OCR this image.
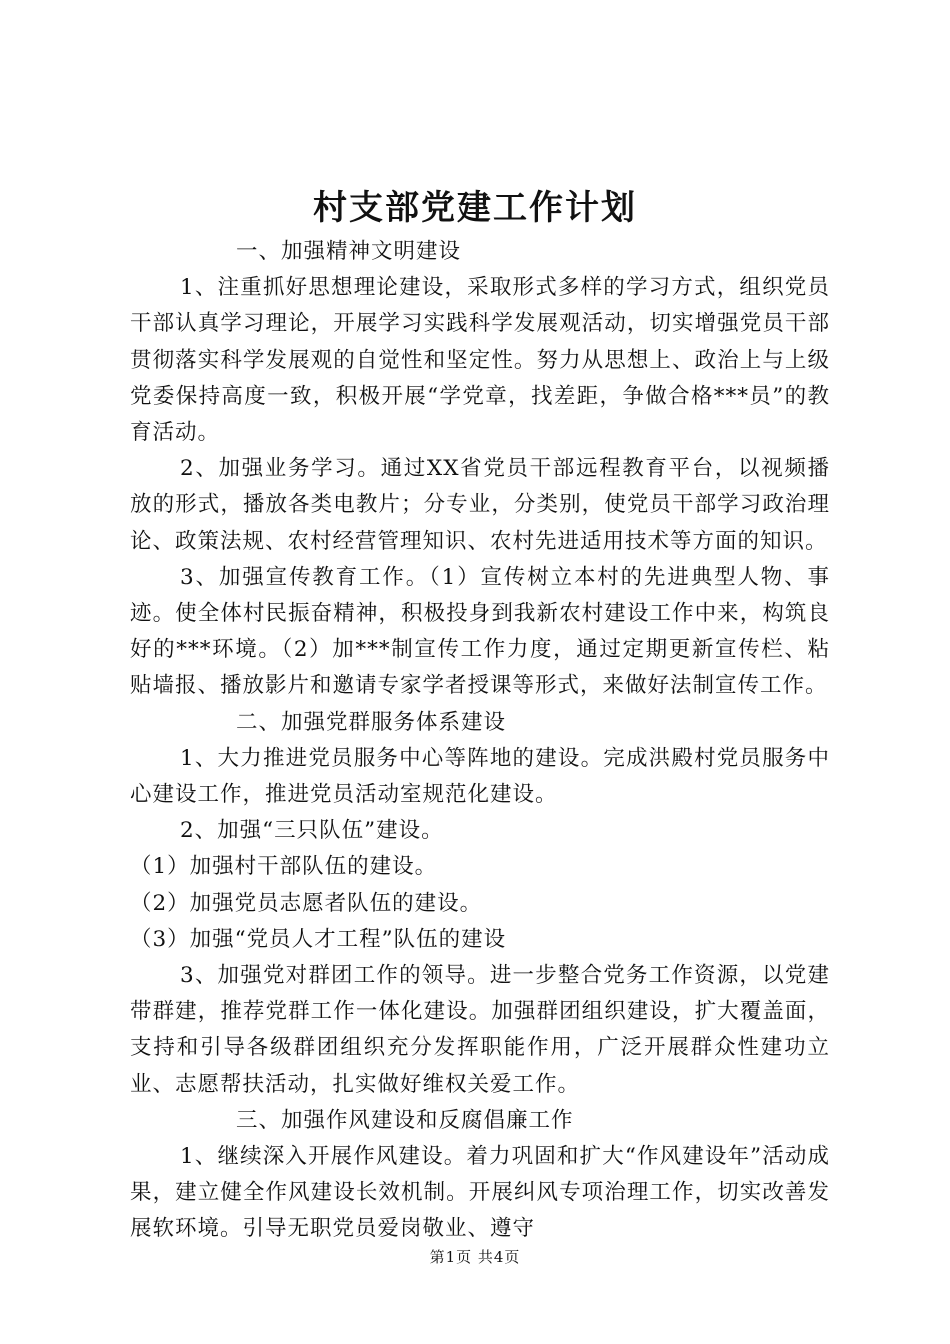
村支部党建工作计划

一、加强精神文明建设

1、注重抓好思想理论建设，采取形式多样的学习方式，组织党员干部认真学习理论，开展学习实践科学发展观活动，切实增强党员干部贯彻落实科学发展观的自觉性和坚定性。努力从思想上、政治上与上级党委保持高度一致，积极开展“学党章，找差距，争做合格***员”的教育活动。

2、加强业务学习。通过XX省党员干部远程教育平台，以视频播放的形式，播放各类电教片；分专业，分类别，使党员干部学习政治理论、政策法规、农村经营管理知识、农村先进适用技术等方面的知识。

3、加强宣传教育工作。（1）宣传树立本村的先进典型人物、事迹。使全体村民振奋精神，积极投身到我新农村建设工作中来，构筑良好的***环境。（2）加***制宣传工作力度，通过定期更新宣传栏、粘贴墙报、播放影片和邀请专家学者授课等形式，来做好法制宣传工作。

二、加强党群服务体系建设

1、大力推进党员服务中心等阵地的建设。完成洪殿村党员服务中心建设工作，推进党员活动室规范化建设。

2、加强“三只队伍”建设。

（1）加强村干部队伍的建设。

（2）加强党员志愿者队伍的建设。

（3）加强“党员人才工程”队伍的建设

3、加强党对群团工作的领导。进一步整合党务工作资源，以党建带群建，推荐党群工作一体化建设。加强群团组织建设，扩大覆盖面，支持和引导各级群团组织充分发挥职能作用，广泛开展群众性建功立业、志愿帮扶活动，扎实做好维权关爱工作。

三、加强作风建设和反腐倡廉工作

1、继续深入开展作风建设。着力巩固和扩大“作风建设年”活动成果，建立健全作风建设长效机制。开展纠风专项治理工作，切实改善发展软环境。引导无职党员爱岗敬业、遵守

第1页 共4页
